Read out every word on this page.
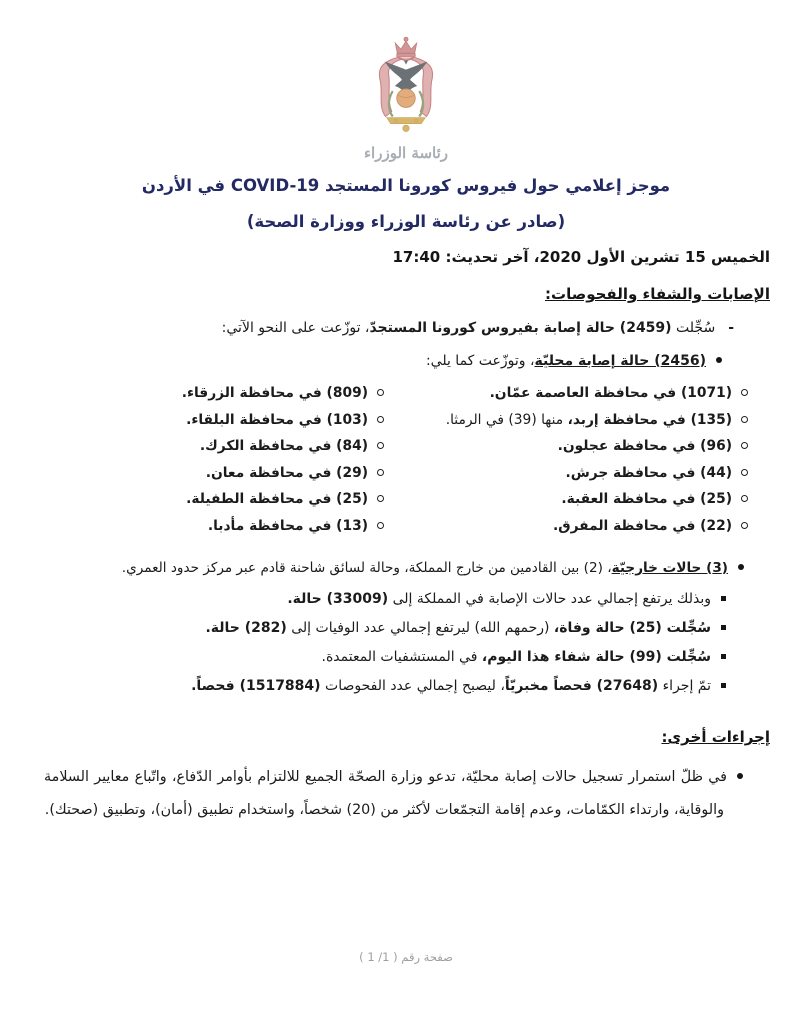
رئاسة الوزراء
موجز إعلامي حول فيروس كورونا المستجد COVID-19 في الأردن
(صادر عن رئاسة الوزراء ووزارة الصحة)
الخميس 15 تشرين الأول 2020، آخر تحديث: 17:40
الإصابات والشفاء والفحوصات:
-سُجِّلت (2459) حالة إصابة بفيروس كورونا المستجدّ، توزّعت على النحو الآتي:
(2456) حالة إصابة محليّة، وتوزّعت كما يلي:
(1071) في محافظة العاصمة عمّان.
(135) في محافظة إربد، منها (39) في الرمثا.
(96) في محافظة عجلون.
(44) في محافظة جرش.
(25) في محافظة العقبة.
(22) في محافظة المفرق.
(809) في محافظة الزرقاء.
(103) في محافظة البلقاء.
(84) في محافظة الكرك.
(29) في محافظة معان.
(25) في محافظة الطفيلة.
(13) في محافظة مأدبا.
(3) حالات خارجيّة، (2) بين القادمين من خارج المملكة، وحالة لسائق شاحنة قادم عبر مركز حدود العمري.
وبذلك يرتفع إجمالي عدد حالات الإصابة في المملكة إلى (33009) حالة.
سُجِّلت (25) حالة وفاة، (رحمهم الله) ليرتفع إجمالي عدد الوفيات إلى (282) حالة.
سُجِّلت (99) حالة شفاء هذا اليوم، في المستشفيات المعتمدة.
تمّ إجراء (27648) فحصاً مخبريّاً، ليصبح إجمالي عدد الفحوصات (1517884) فحصاً.
إجراءات أخرى:
في ظلّ استمرار تسجيل حالات إصابة محليّة، تدعو وزارة الصحّة الجميع للالتزام بأوامر الدّفاع، واتّباع معايير السلامة والوقاية، وارتداء الكمّامات، وعدم إقامة التجمّعات لأكثر من (20) شخصاً، واستخدام تطبيق (أمان)، وتطبيق (صحتك).
صفحة رقم ( 1/ 1 )
